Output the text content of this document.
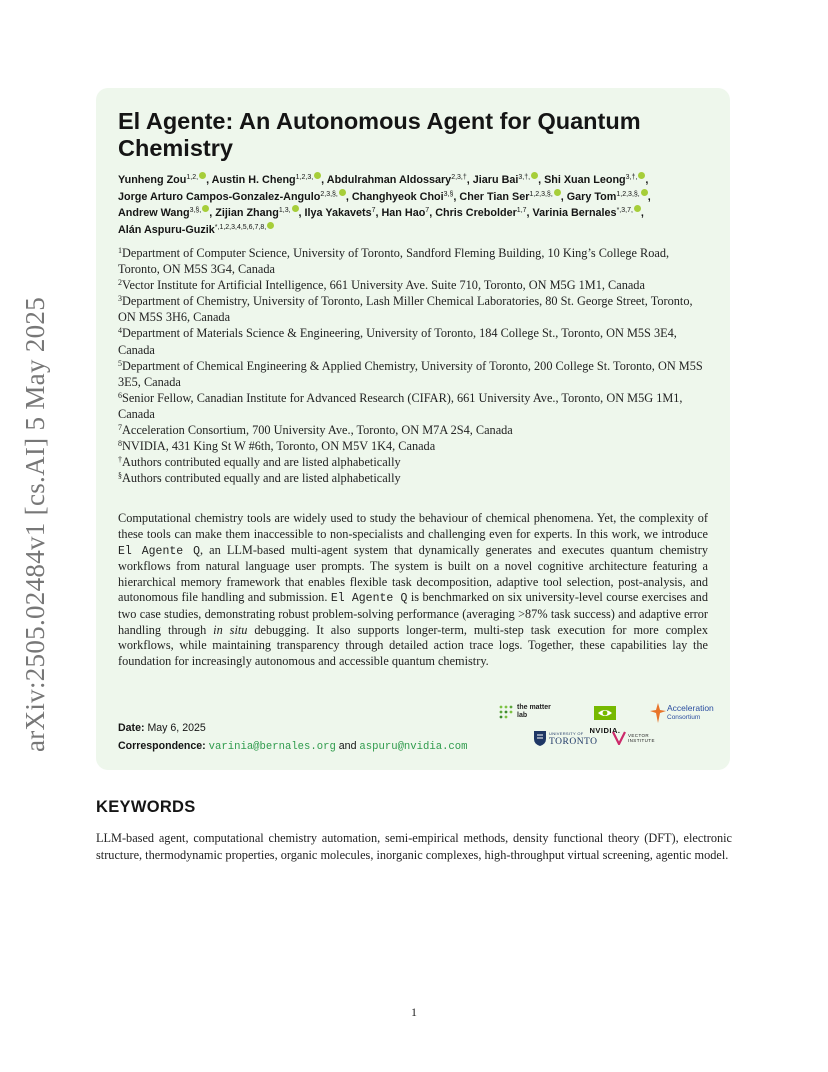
arXiv:2505.02484v1 [cs.AI] 5 May 2025
El Agente: An Autonomous Agent for Quantum Chemistry
Yunheng Zou$^{1,2,}$ , Austin H. Cheng$^{1,2,3,}$ , Abdulrahman Aldossary$^{2,3,\dagger}$, Jiaru Bai$^{3,\dagger,}$ , Shi Xuan Leong$^{3,\dagger,}$ , Jorge Arturo Campos-Gonzalez-Angulo$^{2,3,\S,}$ , Changhyeok Choi$^{3,\S}$, Cher Tian Ser$^{1,2,3,\S,}$ , Gary Tom$^{1,2,3,\S,}$ , Andrew Wang$^{3,\S,}$ , Zijian Zhang$^{1,3,}$ , Ilya Yakavets$^7$, Han Hao$^7$, Chris Crebolder$^{1,7}$, Varinia Bernales$^{*,3,7,}$ , Alán Aspuru-Guzik$^{*,1,2,3,4,5,6,7,8,}$
$^1$Department of Computer Science, University of Toronto, Sandford Fleming Building, 10 King’s College Road, Toronto, ON M5S 3G4, Canada
$^2$Vector Institute for Artificial Intelligence, 661 University Ave. Suite 710, Toronto, ON M5G 1M1, Canada
$^3$Department of Chemistry, University of Toronto, Lash Miller Chemical Laboratories, 80 St. George Street, Toronto, ON M5S 3H6, Canada
$^4$Department of Materials Science & Engineering, University of Toronto, 184 College St., Toronto, ON M5S 3E4, Canada
$^5$Department of Chemical Engineering & Applied Chemistry, University of Toronto, 200 College St. Toronto, ON M5S 3E5, Canada
$^6$Senior Fellow, Canadian Institute for Advanced Research (CIFAR), 661 University Ave., Toronto, ON M5G 1M1, Canada
$^7$Acceleration Consortium, 700 University Ave., Toronto, ON M7A 2S4, Canada
$^8$NVIDIA, 431 King St W #6th, Toronto, ON M5V 1K4, Canada
†Authors contributed equally and are listed alphabetically
§Authors contributed equally and are listed alphabetically
Computational chemistry tools are widely used to study the behaviour of chemical phenomena. Yet, the complexity of these tools can make them inaccessible to non-specialists and challenging even for experts. In this work, we introduce El Agente Q, an LLM-based multi-agent system that dynamically generates and executes quantum chemistry workflows from natural language user prompts. The system is built on a novel cognitive architecture featuring a hierarchical memory framework that enables flexible task decomposition, adaptive tool selection, post-analysis, and autonomous file handling and submission. El Agente Q is benchmarked on six university-level course exercises and two case studies, demonstrating robust problem-solving performance (averaging >87% task success) and adaptive error handling through in situ debugging. It also supports longer-term, multi-step task execution for more complex workflows, while maintaining transparency through detailed action trace logs. Together, these capabilities lay the foundation for increasingly autonomous and accessible quantum chemistry.
Date: May 6, 2025
Correspondence: varinia@bernales.org and aspuru@nvidia.com
the matter lab
NVIDIA.
Acceleration
Consortium
UNIVERSITY OF
TORONTO
VECTOR INSTITUTE
KEYWORDS

LLM-based agent, computational chemistry automation, semi-empirical methods, density functional theory (DFT), electronic structure, thermodynamic properties, organic molecules, inorganic complexes, high-throughput virtual screening, agentic model.

1
